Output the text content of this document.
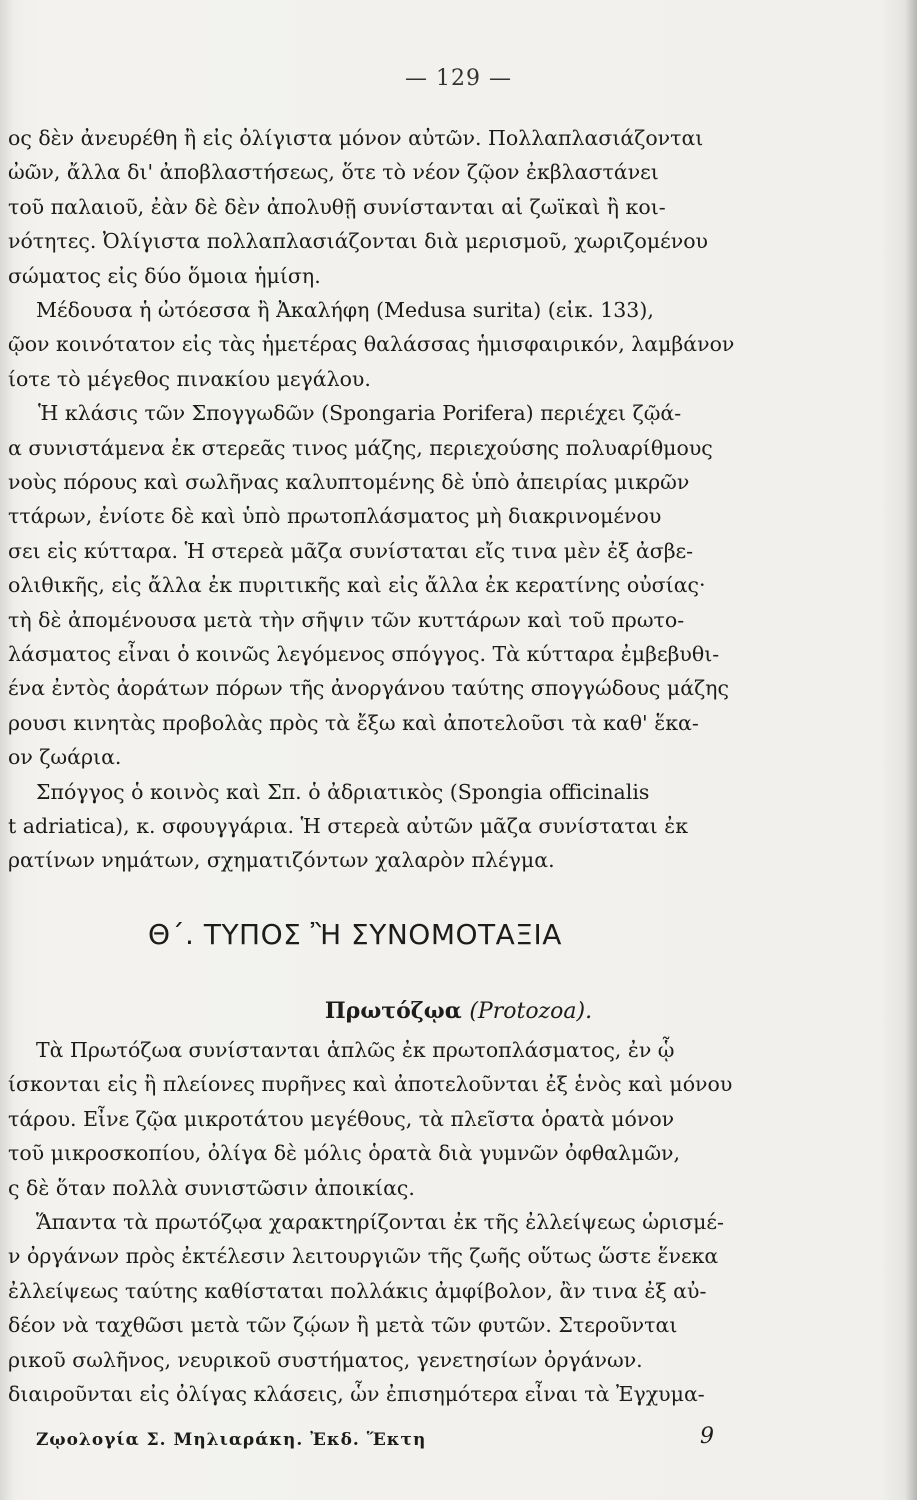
— 129 —
ος δὲν ἀνευρέθη ἢ εἰς ὀλίγιστα μόνον αὐτῶν. Πολλαπλασιάζονται
ὠῶν, ἄλλα δι' ἀποβλαστήσεως, ὅτε τὸ νέον ζῷον ἐκβλαστάνει
τοῦ παλαιοῦ, ἐὰν δὲ δὲν ἀπολυθῇ συνίστανται αἱ ζωϊκαὶ ἢ κοι-
νότητες. Ὀλίγιστα πολλαπλασιάζονται διὰ μερισμοῦ, χωριζομένου
σώματος εἰς δύο ὅμοια ἡμίση.
Μέδουσα ἡ ὠτόεσσα ἢ Ἀκαλήφη (Medusa surita) (εἰκ. 133),
ῷον κοινότατον εἰς τὰς ἡμετέρας θαλάσσας ἡμισφαιρικόν, λαμβάνον
ίοτε τὸ μέγεθος πινακίου μεγάλου.
Ἡ κλάσις τῶν Σπογγωδῶν (Spongaria Porifera) περιέχει ζῷά-
α συνιστάμενα ἐκ στερεᾶς τινος μάζης, περιεχούσης πολυαρίθμους
νοὺς πόρους καὶ σωλῆνας καλυπτομένης δὲ ὑπὸ ἀπειρίας μικρῶν
ττάρων, ἐνίοτε δὲ καὶ ὑπὸ πρωτοπλάσματος μὴ διακρινομένου
σει εἰς κύτταρα. Ἡ στερεὰ μᾶζα συνίσταται εἴς τινα μὲν ἐξ ἀσβε-
ολιθικῆς, εἰς ἄλλα ἐκ πυριτικῆς καὶ εἰς ἄλλα ἐκ κερατίνης οὐσίας·
τὴ δὲ ἀπομένουσα μετὰ τὴν σῆψιν τῶν κυττάρων καὶ τοῦ πρωτο-
λάσματος εἶναι ὁ κοινῶς λεγόμενος σπόγγος. Τὰ κύτταρα ἐμβεβυθι-
ένα ἐντὸς ἀοράτων πόρων τῆς ἀνοργάνου ταύτης σπογγώδους μάζης
ρουσι κινητὰς προβολὰς πρὸς τὰ ἔξω καὶ ἀποτελοῦσι τὰ καθ' ἕκα-
ον ζωάρια.
Σπόγγος ὁ κοινὸς καὶ Σπ. ὁ ἀδριατικὸς (Spongia officinalis
t adriatica), κ. σφουγγάρια. Ἡ στερεὰ αὐτῶν μᾶζα συνίσταται ἐκ
ρατίνων νημάτων, σχηματιζόντων χαλαρὸν πλέγμα.
Θ΄. ΤΥΠΟΣ Ἢ ΣΥΝΟΜΟΤΑΞΙΑ
Πρωτόζῳα (Protozoa).
Τὰ Πρωτόζωα συνίστανται ἁπλῶς ἐκ πρωτοπλάσματος, ἐν ᾧ
ίσκονται εἰς ἢ πλείονες πυρῆνες καὶ ἀποτελοῦνται ἐξ ἑνὸς καὶ μόνου
τάρου. Εἶνε ζῷα μικροτάτου μεγέθους, τὰ πλεῖστα ὁρατὰ μόνον
τοῦ μικροσκοπίου, ὀλίγα δὲ μόλις ὁρατὰ διὰ γυμνῶν ὀφθαλμῶν,
ς δὲ ὅταν πολλὰ συνιστῶσιν ἀποικίας.
Ἅπαντα τὰ πρωτόζῳα χαρακτηρίζονται ἐκ τῆς ἐλλείψεως ὡρισμέ-
ν ὀργάνων πρὸς ἐκτέλεσιν λειτουργιῶν τῆς ζωῆς οὕτως ὥστε ἕνεκα
ἐλλείψεως ταύτης καθίσταται πολλάκις ἀμφίβολον, ἂν τινα ἐξ αὐ-
δέον νὰ ταχθῶσι μετὰ τῶν ζῴων ἢ μετὰ τῶν φυτῶν. Στεροῦνται
ρικοῦ σωλῆνος, νευρικοῦ συστήματος, γενετησίων ὀργάνων.
διαιροῦνται εἰς ὀλίγας κλάσεις, ὧν ἐπισημότερα εἶναι τὰ Ἐγχυμα-
Ζῳολογία Σ. Μηλιαράκη. Ἐκδ. Ἕκτη	9
